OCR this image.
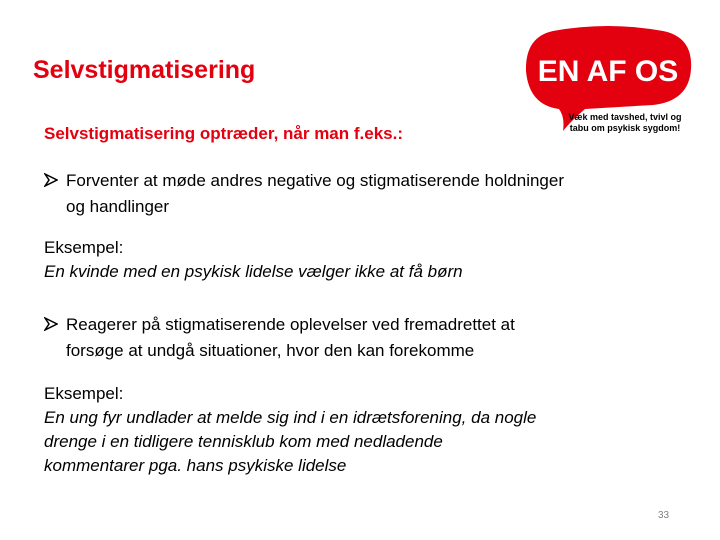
Selvstigmatisering	EN AF OS
Væk med tavshed, tvivl og
tabu om psykisk sygdom!
Selvstigmatisering optræder, når man f.eks.:
Forventer at møde andres negative og stigmatiserende holdninger
og handlinger
Eksempel:
En kvinde med en psykisk lidelse vælger ikke at få børn
Reagerer på stigmatiserende oplevelser ved fremadrettet at
forsøge at undgå situationer, hvor den kan forekomme
Eksempel:
En ung fyr undlader at melde sig ind i en idrætsforening, da nogle
drenge i en tidligere tennisklub kom med nedladende
kommentarer pga. hans psykiske lidelse
33
